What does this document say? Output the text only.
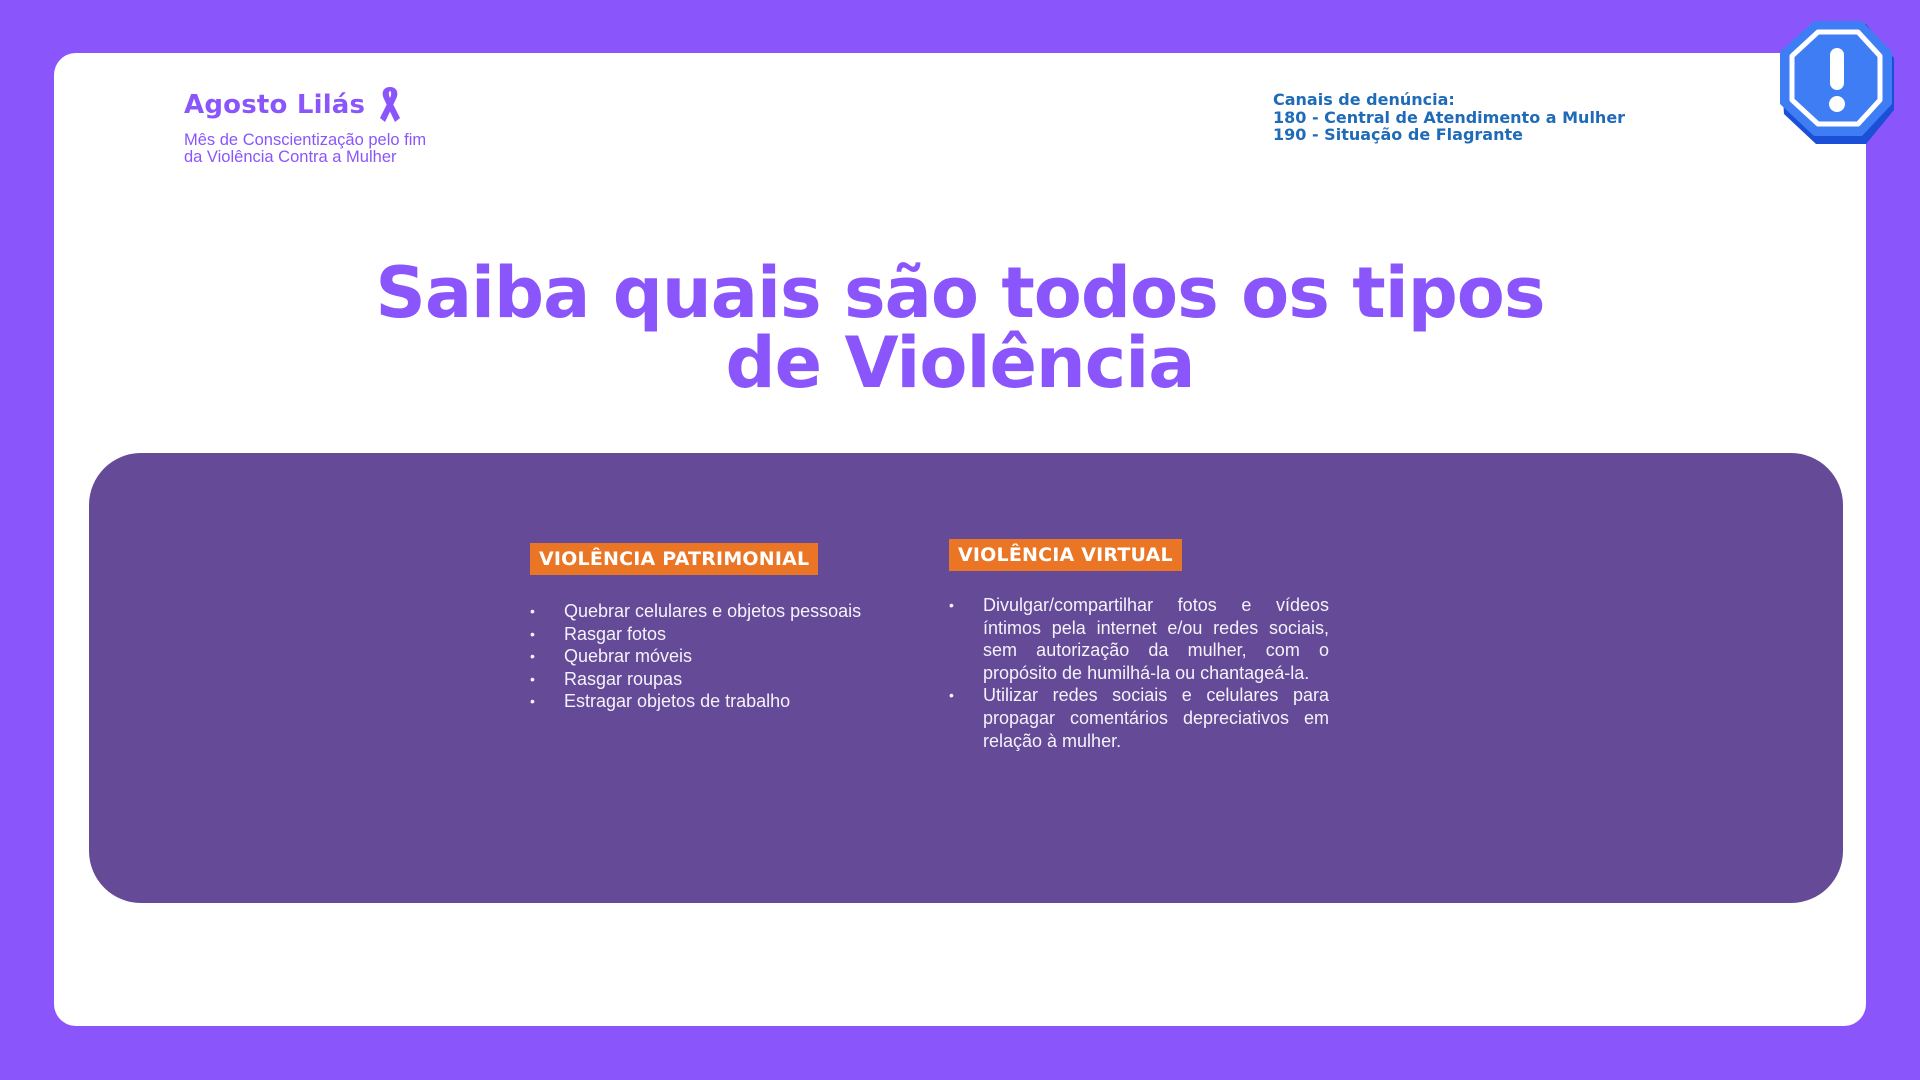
Agosto Lilás
Mês de Conscientização pelo fim
da Violência Contra a Mulher
Canais de denúncia:
180 - Central de Atendimento a Mulher
190 - Situação de Flagrante
Saiba quais são todos os tipos
de Violência
VIOLÊNCIA PATRIMONIAL
• Quebrar celulares e objetos pessoais
• Rasgar fotos
• Quebrar móveis
• Rasgar roupas
• Estragar objetos de trabalho
VIOLÊNCIA VIRTUAL
• Divulgar/compartilhar fotos e vídeos íntimos pela internet e/ou redes sociais, sem autorização da mulher, com o propósito de humilhá-la ou chantageá-la.
• Utilizar redes sociais e celulares para propagar comentários depreciativos em relação à mulher.
